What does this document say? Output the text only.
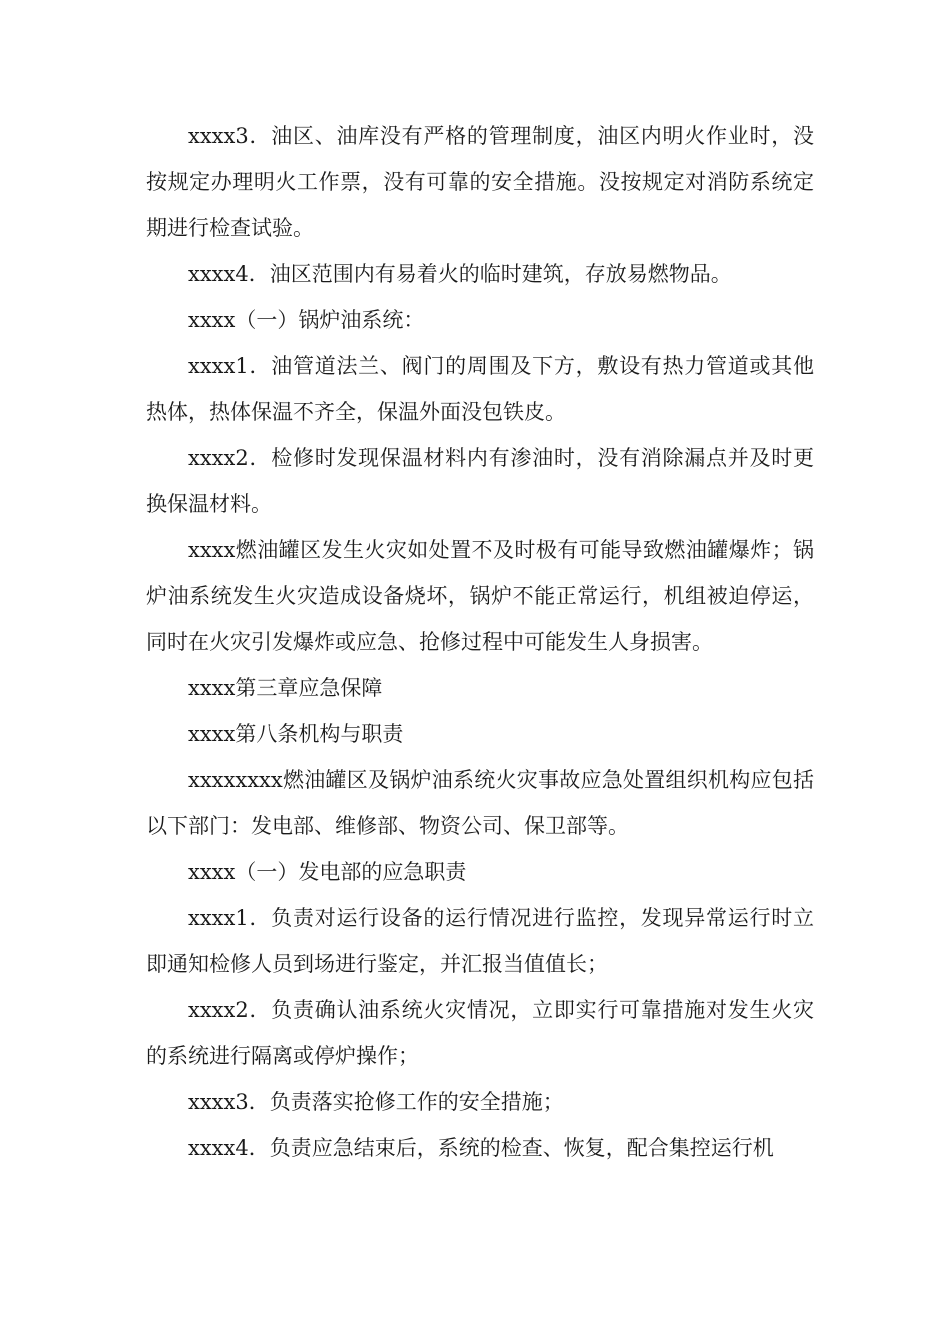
xxxx3．油区、油库没有严格的管理制度，油区内明火作业时，没按规定办理明火工作票，没有可靠的安全措施。没按规定对消防系统定期进行检查试验。

xxxx4．油区范围内有易着火的临时建筑，存放易燃物品。

xxxx（一）锅炉油系统：

xxxx1．油管道法兰、阀门的周围及下方，敷设有热力管道或其他热体，热体保温不齐全，保温外面没包铁皮。

xxxx2．检修时发现保温材料内有渗油时，没有消除漏点并及时更换保温材料。

xxxx燃油罐区发生火灾如处置不及时极有可能导致燃油罐爆炸；锅炉油系统发生火灾造成设备烧坏，锅炉不能正常运行，机组被迫停运，同时在火灾引发爆炸或应急、抢修过程中可能发生人身损害。

xxxx第三章应急保障

xxxx第八条机构与职责

xxxxxxxx燃油罐区及锅炉油系统火灾事故应急处置组织机构应包括以下部门：发电部、维修部、物资公司、保卫部等。

xxxx（一）发电部的应急职责

xxxx1．负责对运行设备的运行情况进行监控，发现异常运行时立即通知检修人员到场进行鉴定，并汇报当值值长；

xxxx2．负责确认油系统火灾情况，立即实行可靠措施对发生火灾的系统进行隔离或停炉操作；

xxxx3．负责落实抢修工作的安全措施；

xxxx4．负责应急结束后，系统的检查、恢复，配合集控运行机
